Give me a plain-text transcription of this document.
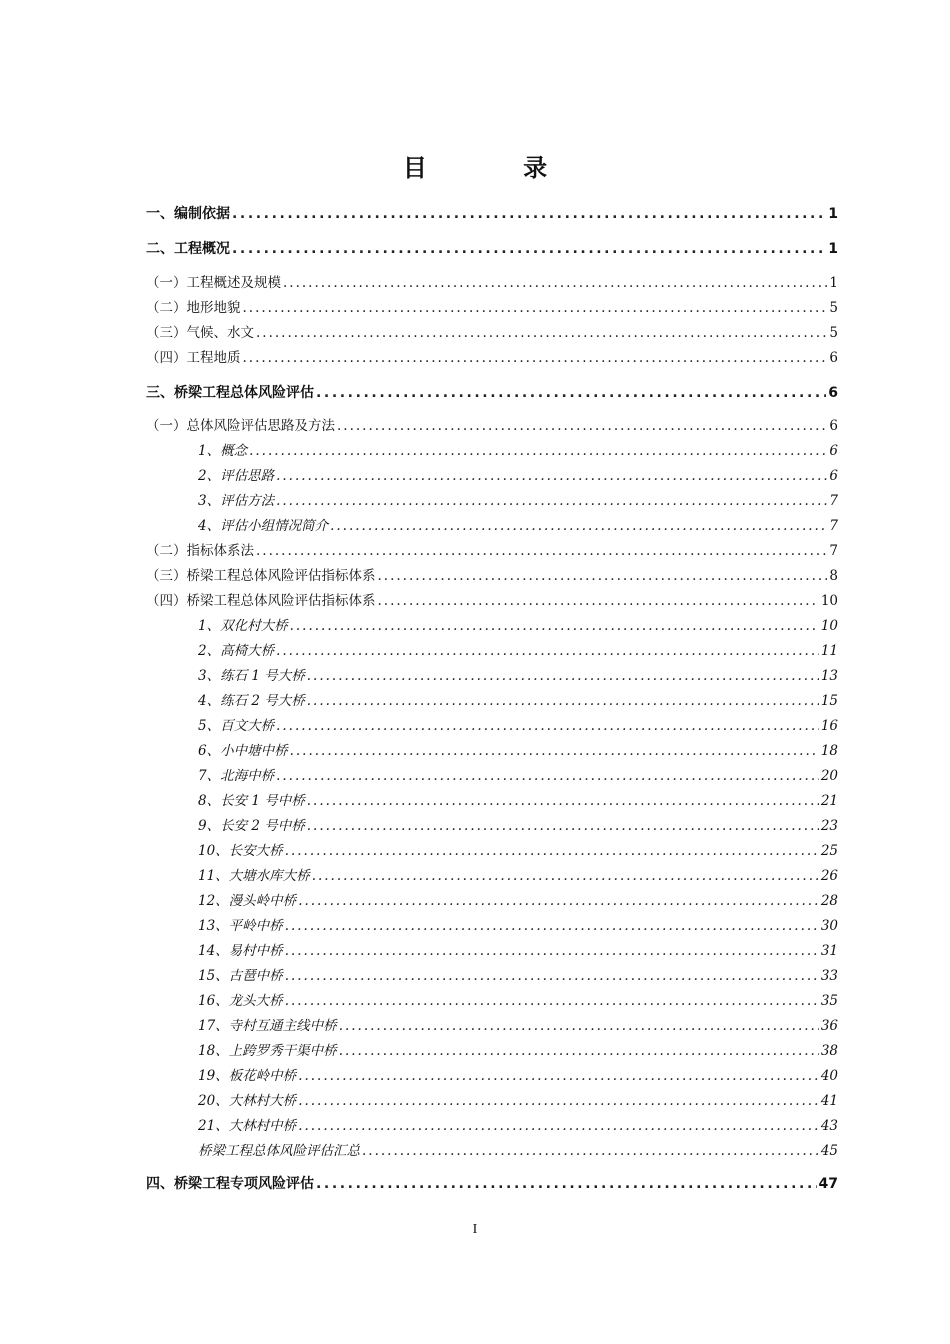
目 录
一、编制依据 .....	1
二、工程概况 .....	1
（一）工程概述及规模 .....	1
（二）地形地貌 .....	5
（三）气候、水文 .....	5
（四）工程地质 .....	6
三、桥梁工程总体风险评估 .....	6
（一）总体风险评估思路及方法 .....	6
1、概念 .....	6
2、评估思路 .....	6
3、评估方法 .....	7
4、评估小组情况简介 .....	7
（二）指标体系法 .....	7
（三）桥梁工程总体风险评估指标体系 .....	8
（四）桥梁工程总体风险评估指标体系 .....	10
1、双化村大桥 .....	10
2、高椅大桥 .....	11
3、练石 1 号大桥 .....	13
4、练石 2 号大桥 .....	15
5、百文大桥 .....	16
6、小中塘中桥 .....	18
7、北海中桥 .....	20
8、长安 1 号中桥 .....	21
9、长安 2 号中桥 .....	23
10、长安大桥 .....	25
11、大塘水库大桥 .....	26
12、漫头岭中桥 .....	28
13、平岭中桥 .....	30
14、易村中桥 .....	31
15、古琶中桥 .....	33
16、龙头大桥 .....	35
17、寺村互通主线中桥 .....	36
18、上跨罗秀干渠中桥 .....	38
19、板花岭中桥 .....	40
20、大林村大桥 .....	41
21、大林村中桥 .....	43
桥梁工程总体风险评估汇总 .....	45
四、桥梁工程专项风险评估 .....	47
I
